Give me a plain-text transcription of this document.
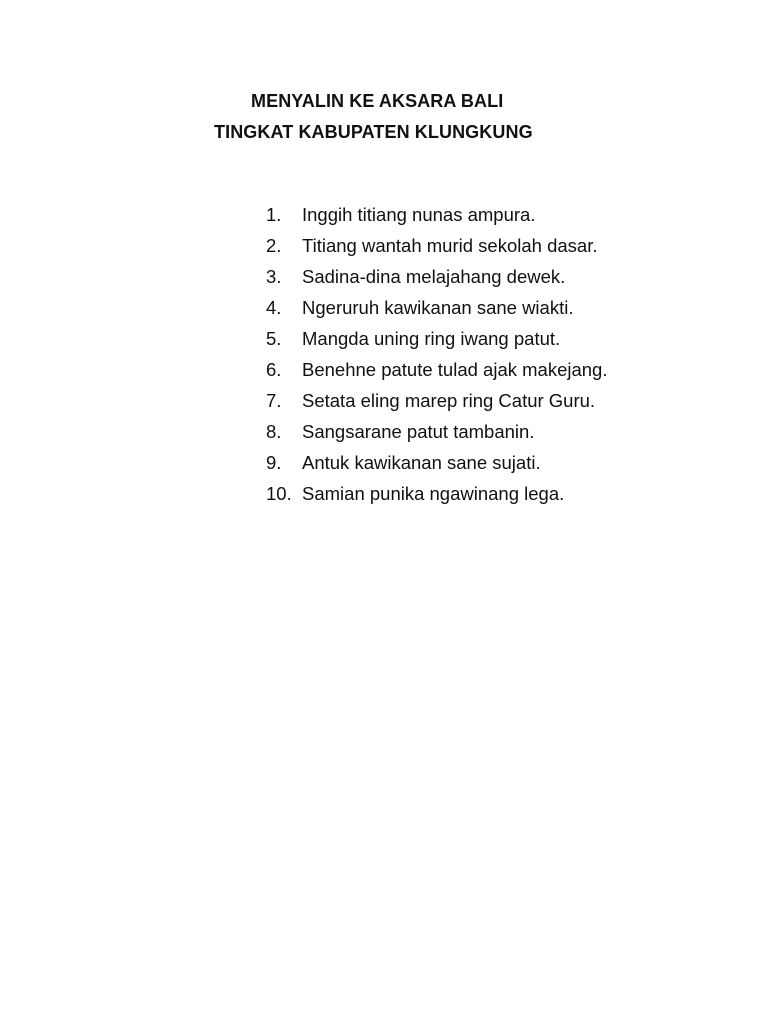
MENYALIN KE AKSARA BALI
TINGKAT KABUPATEN KLUNGKUNG
1. Inggih titiang nunas ampura.
2. Titiang wantah murid sekolah dasar.
3. Sadina-dina melajahang dewek.
4. Ngeruruh kawikanan sane wiakti.
5. Mangda uning ring iwang patut.
6. Benehne patute tulad ajak makejang.
7. Setata eling marep ring Catur Guru.
8. Sangsarane patut tambanin.
9. Antuk kawikanan sane sujati.
10. Samian punika ngawinang lega.
